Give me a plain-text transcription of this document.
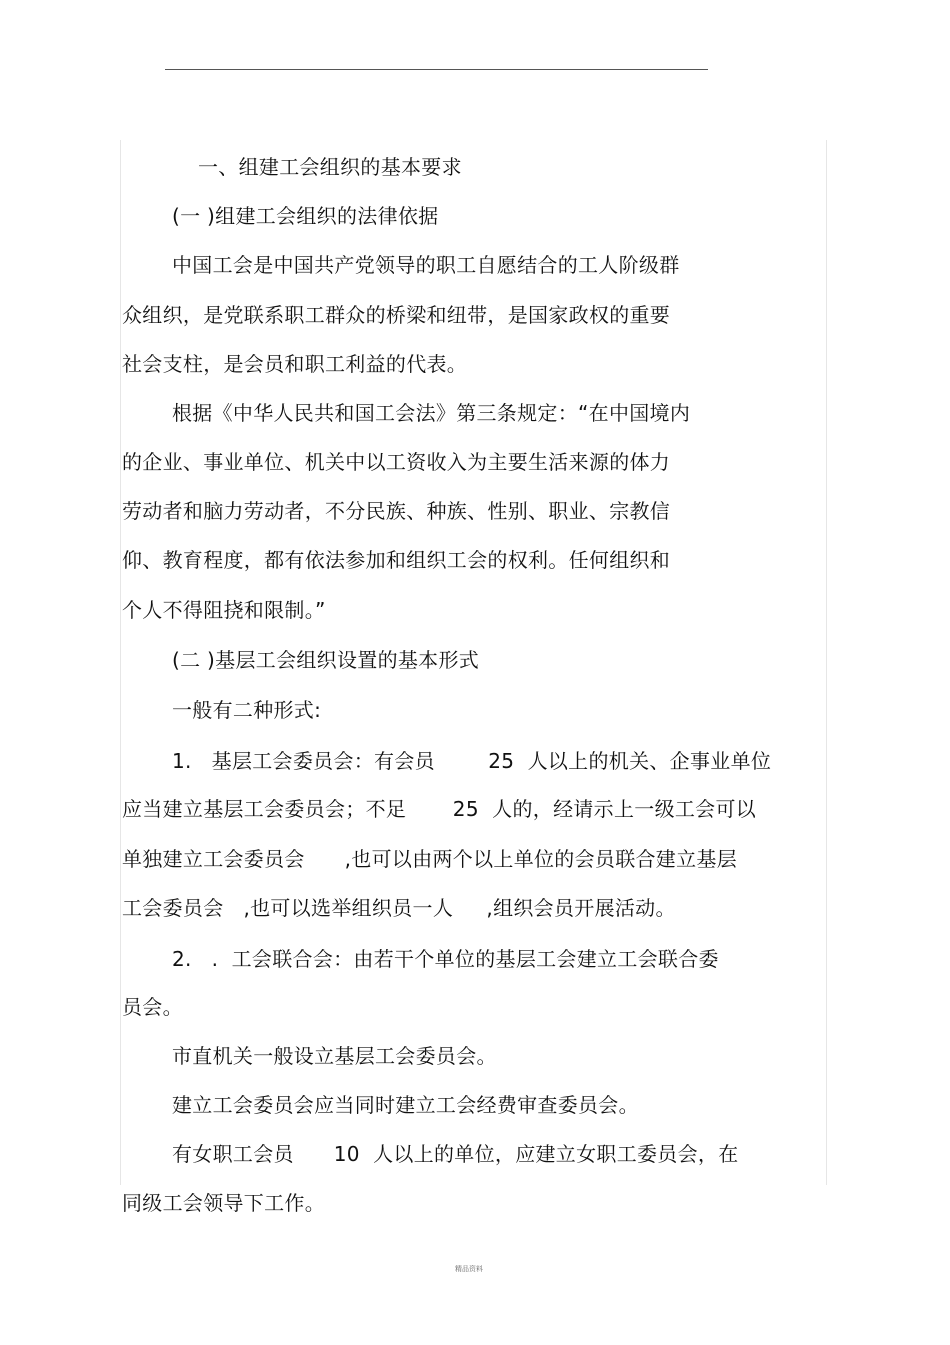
一、组建工会组织的基本要求
(一 )组建工会组织的法律依据
中国工会是中国共产党领导的职工自愿结合的工人阶级群
众组织，是党联系职工群众的桥梁和纽带，是国家政权的重要
社会支柱，是会员和职工利益的代表。
根据《中华人民共和国工会法》第三条规定：“在中国境内
的企业、事业单位、机关中以工资收入为主要生活来源的体力
劳动者和脑力劳动者，不分民族、种族、性别、职业、宗教信
仰、教育程度，都有依法参加和组织工会的权利。任何组织和
个人不得阻挠和限制。”
(二 )基层工会组织设置的基本形式
一般有二种形式:
1.   基层工会委员会：有会员        25  人以上的机关、企事业单位
应当建立基层工会委员会；不足       25  人的，经请示上一级工会可以
单独建立工会委员会      ,也可以由两个以上单位的会员联合建立基层
工会委员会   ,也可以选举组织员一人     ,组织会员开展活动。
2.   .  工会联合会：由若干个单位的基层工会建立工会联合委
员会。
市直机关一般设立基层工会委员会。
建立工会委员会应当同时建立工会经费审查委员会。
有女职工会员      10  人以上的单位，应建立女职工委员会，在
同级工会领导下工作。
精品资料
